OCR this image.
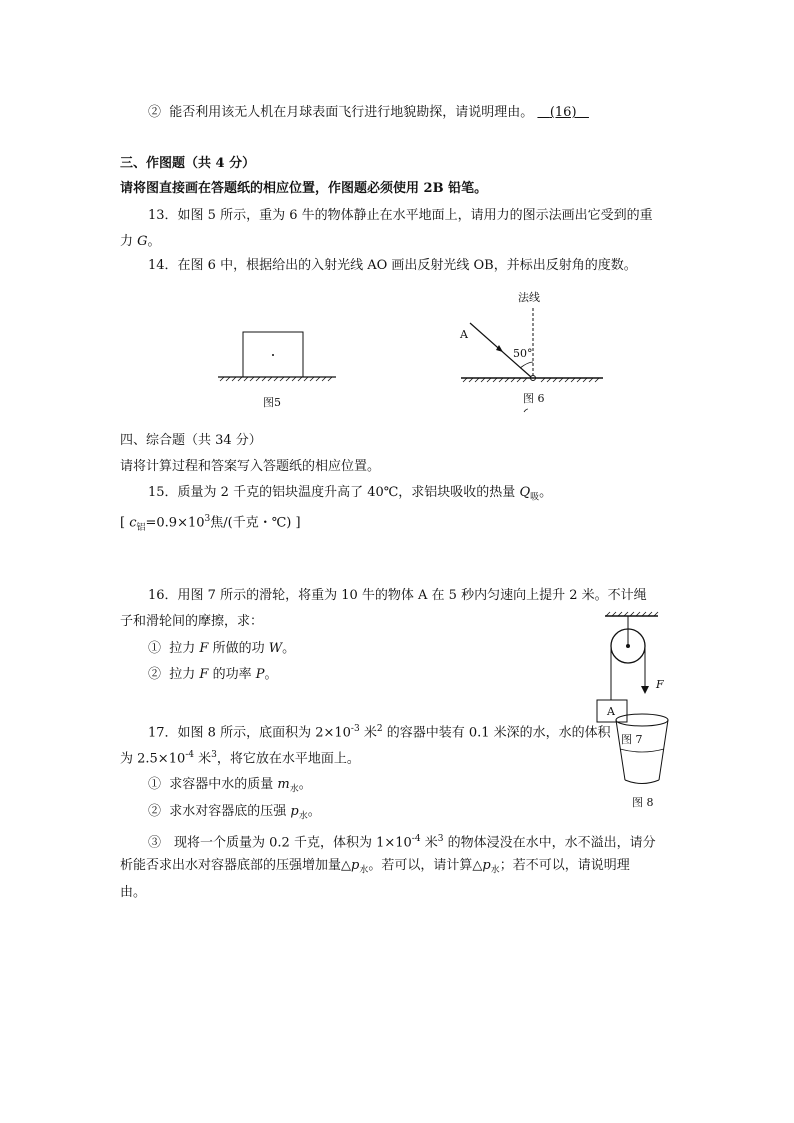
② 能否利用该无人机在月球表面飞行进行地貌勘探，请说明理由。 (16)
三、作图题（共 4 分）
请将图直接画在答题纸的相应位置，作图题必须使用 2B 铅笔。
13．如图 5 所示，重为 6 牛的物体静止在水平地面上，请用力的图示法画出它受到的重
力 G。
14．在图 6 中，根据给出的入射光线 AO 画出反射光线 OB，并标出反射角的度数。
图5
法线
A
50°
图 6
四、综合题（共 34 分）
请将计算过程和答案写入答题纸的相应位置。
15．质量为 2 千克的铝块温度升高了 40℃，求铝块吸收的热量 $Q_吸$。
[ $c_铝=0.9\times 10^3$焦/(千克・℃) ]
16．用图 7 所示的滑轮，将重为 10 牛的物体 A 在 5 秒内匀速向上提升 2 米。不计绳
子和滑轮间的摩擦，求：
① 拉力 F 所做的功 W。
② 拉力 F 的功率 P。
F
A
图 7
17．如图 8 所示，底面积为 $2\times 10^{-3}$ 米$^2$ 的容器中装有 0.1 米深的水，水的体积
为 $2.5\times 10^{-4}$ 米$^3$，将它放在水平地面上。
① 求容器中水的质量 $m_水$。
② 求水对容器底的压强 $p_水$。
③　现将一个质量为 0.2 千克，体积为 $1\times 10^{-4}$ 米$^3$ 的物体浸没在水中，水不溢出，请分
析能否求出水对容器底部的压强增加量$\triangle p_水$。若可以，请计算$\triangle p_水$；若不可以，请说明理
由。
图 8
